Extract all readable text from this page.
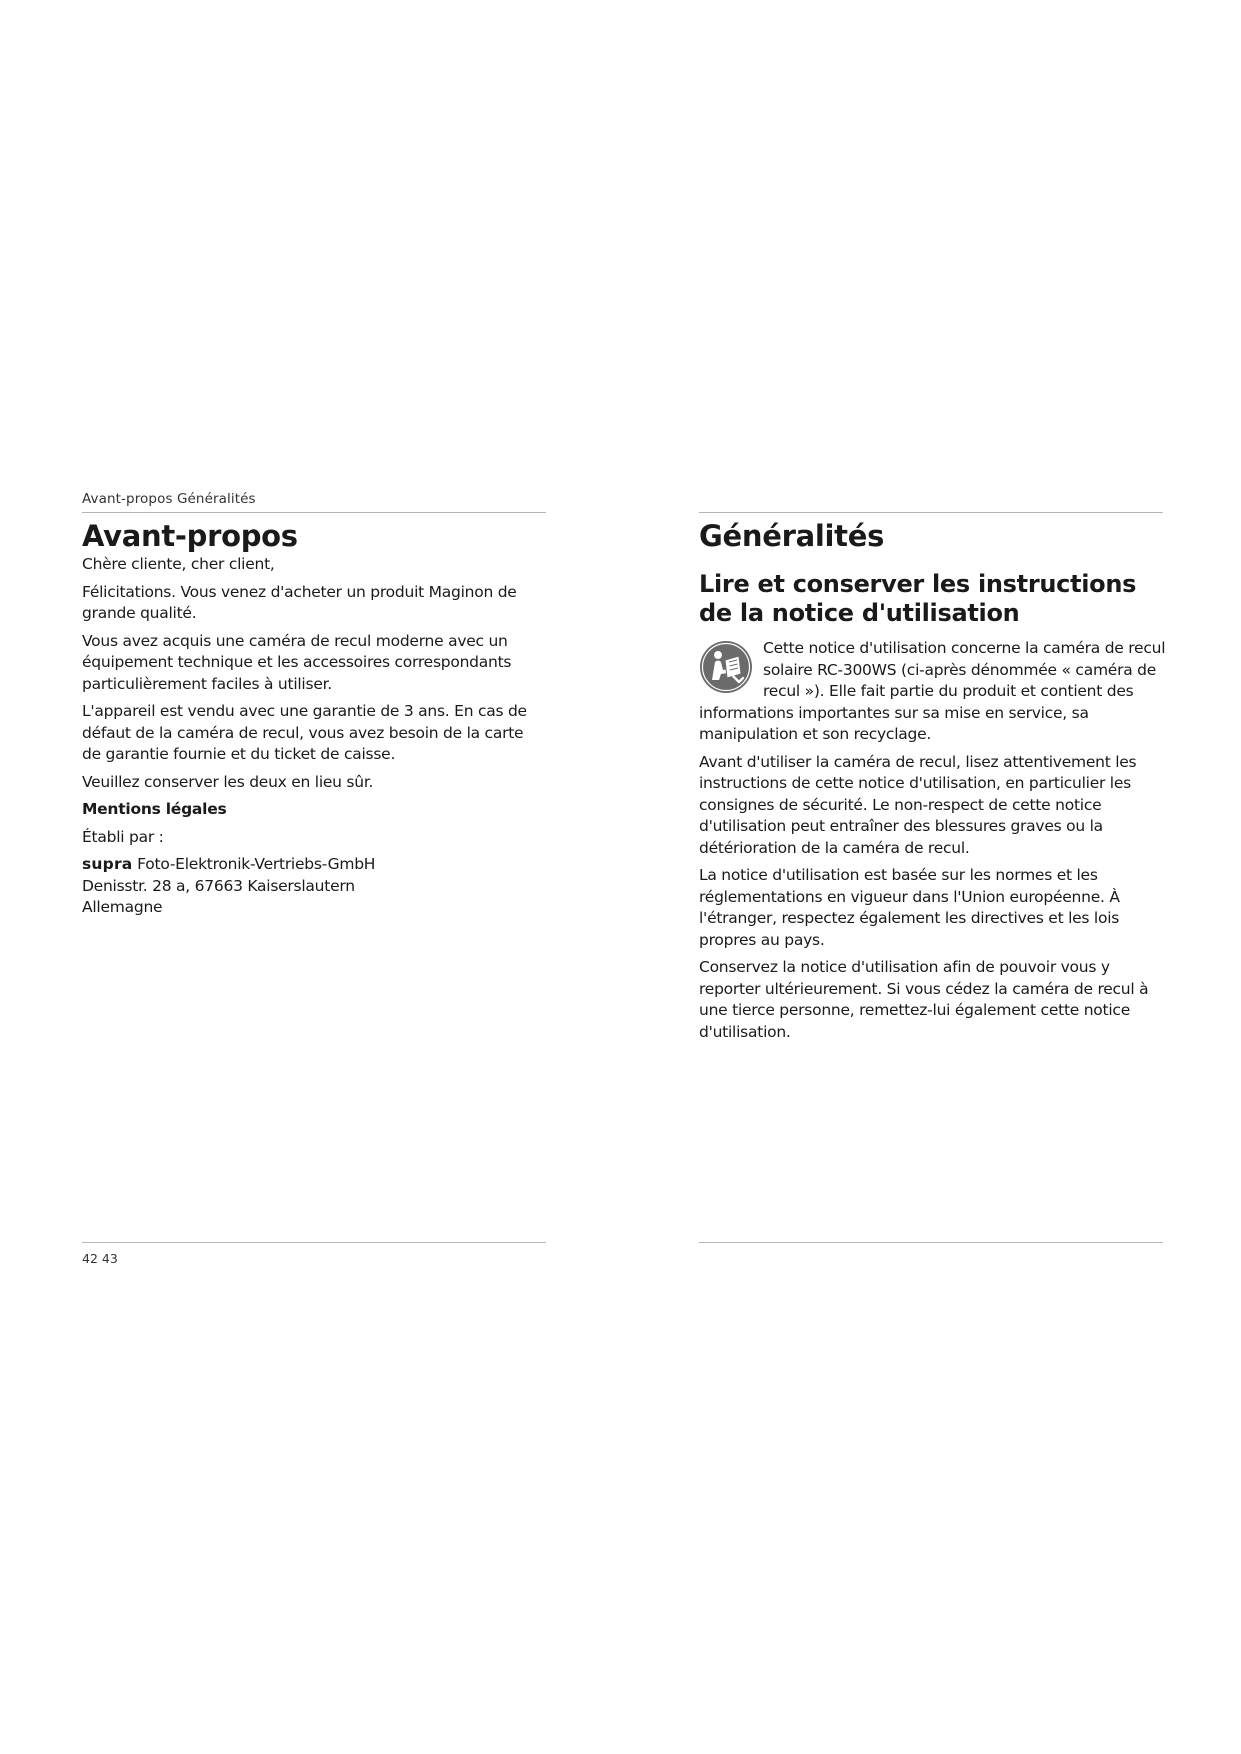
Avant-propos Généralités
Avant-propos

Chère cliente, cher client,

Félicitations. Vous venez d'acheter un produit Maginon de grande qualité.

Vous avez acquis une caméra de recul moderne avec un équipement technique et les accessoires correspondants particulièrement faciles à utiliser.

L'appareil est vendu avec une garantie de 3 ans. En cas de défaut de la caméra de recul, vous avez besoin de la carte de garantie fournie et du ticket de caisse.

Veuillez conserver les deux en lieu sûr.

Mentions légales

Établi par :

supra Foto-Elektronik-Vertriebs-GmbH
Denisstr. 28 a, 67663 Kaiserslautern
Allemagne

Généralités
Lire et conserver les instructions de la notice d'utilisation

Cette notice d'utilisation concerne la caméra de recul solaire RC-300WS (ci-après dénommée « caméra de recul »). Elle fait partie du produit et contient des informations importantes sur sa mise en service, sa manipulation et son recyclage.

Avant d'utiliser la caméra de recul, lisez attentivement les instructions de cette notice d'utilisation, en particulier les consignes de sécurité. Le non-respect de cette notice d'utilisation peut entraîner des blessures graves ou la détérioration de la caméra de recul.

La notice d'utilisation est basée sur les normes et les réglementations en vigueur dans l'Union européenne. À l'étranger, respectez également les directives et les lois propres au pays.

Conservez la notice d'utilisation afin de pouvoir vous y reporter ultérieurement. Si vous cédez la caméra de recul à une tierce personne, remettez-lui également cette notice d'utilisation.

42 43
